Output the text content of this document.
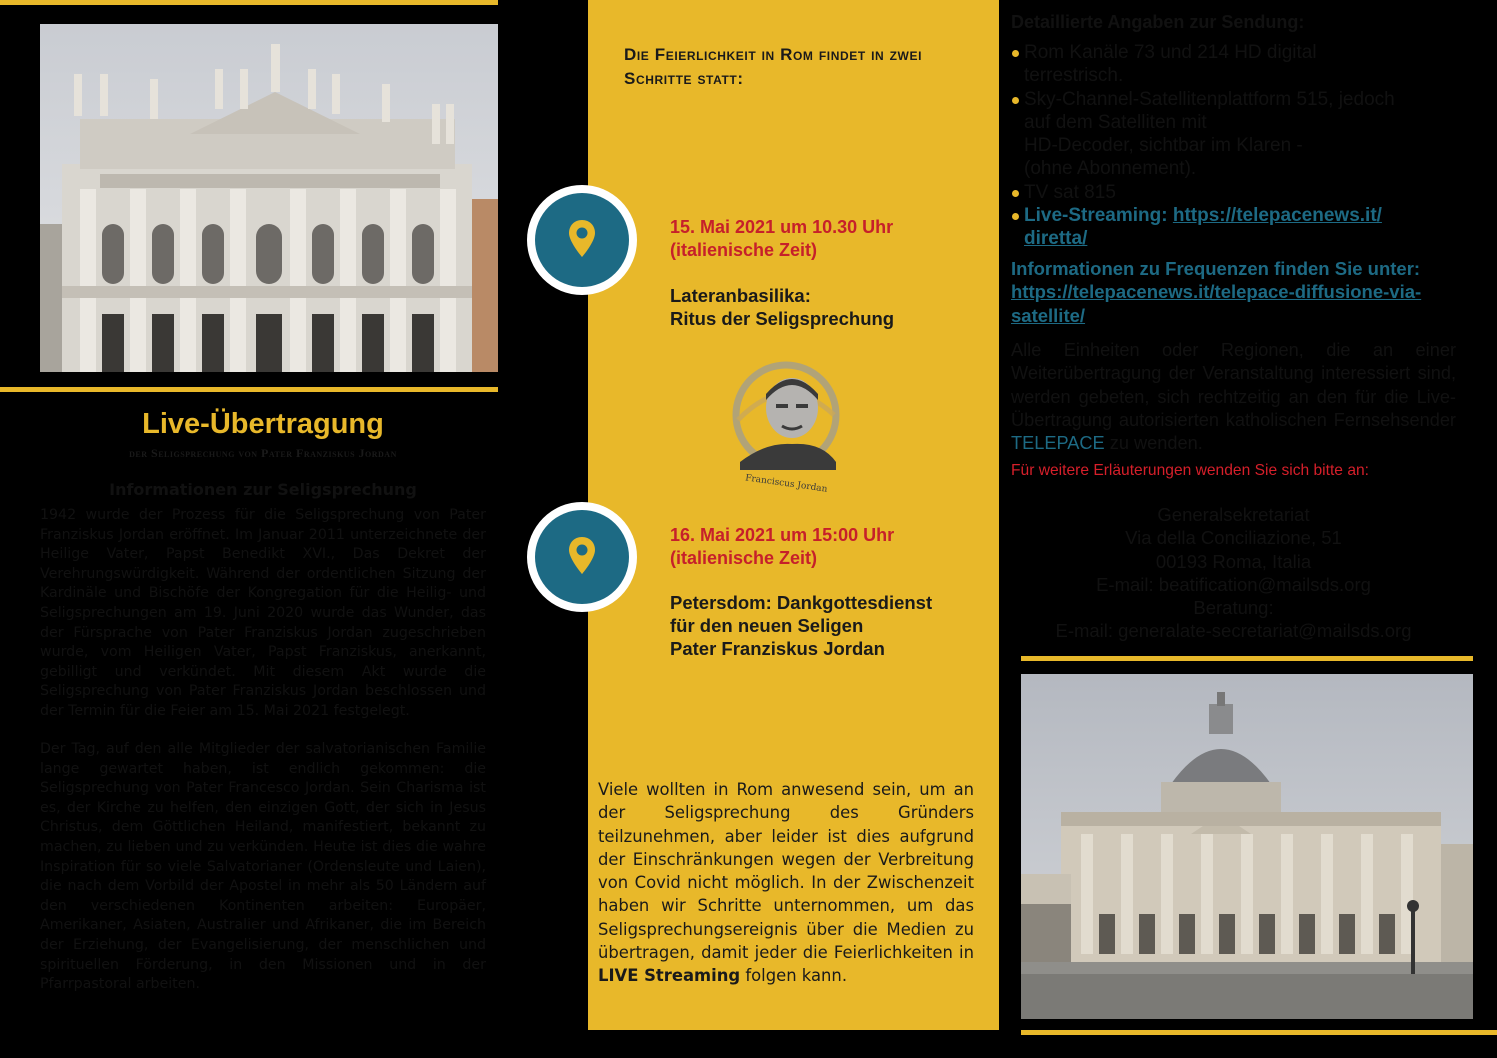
Live-Übertragung
der Seligsprechung von Pater Franziskus Jordan
Informationen zur Seligsprechung

1942 wurde der Prozess für die Seligsprechung von Pater Franziskus Jordan eröffnet. Im Januar 2011 unterzeichnete der Heilige Vater, Papst Benedikt XVI., Das Dekret der Verehrungswürdigkeit. Während der ordentlichen Sitzung der Kardinäle und Bischöfe der Kongregation für die Heilig- und Seligsprechungen am 19. Juni 2020 wurde das Wunder, das der Fürsprache von Pater Franziskus Jordan zugeschrieben wurde, vom Heiligen Vater, Papst Franziskus, anerkannt, gebilligt und verkündet. Mit diesem Akt wurde die Seligsprechung von Pater Franziskus Jordan beschlossen und der Termin für die Feier am 15. Mai 2021 festgelegt.

Der Tag, auf den alle Mitglieder der salvatorianischen Familie lange gewartet haben, ist endlich gekommen: die Seligsprechung von Pater Francesco Jordan. Sein Charisma ist es, der Kirche zu helfen, den einzigen Gott, der sich in Jesus Christus, dem Göttlichen Heiland, manifestiert, bekannt zu machen, zu lieben und zu verkünden. Heute ist dies die wahre Inspiration für so viele Salvatorianer (Ordensleute und Laien), die nach dem Vorbild der Apostel in mehr als 50 Ländern auf den verschiedenen Kontinenten arbeiten: Europäer, Amerikaner, Asiaten, Australier und Afrikaner, die im Bereich der Erziehung, der Evangelisierung, der menschlichen und spirituellen Förderung, in den Missionen und in der Pfarrpastoral arbeiten.

Die Feierlichkeit in Rom findet in zwei Schritte statt:
15. Mai 2021 um 10.30 Uhr
(italienische Zeit)
Lateranbasilika:
Ritus der Seligsprechung
Franciscus Jordan
16. Mai 2021 um 15:00 Uhr
(italienische Zeit)
Petersdom: Dankgottesdienst
für den neuen Seligen
Pater Franziskus Jordan

Viele wollten in Rom anwesend sein, um an der Seligsprechung des Gründers teilzunehmen, aber leider ist dies aufgrund der Einschränkungen wegen der Verbreitung von Covid nicht möglich. In der Zwischenzeit haben wir Schritte unternommen, um das Seligsprechungsereignis über die Medien zu übertragen, damit jeder die Feierlichkeiten in LIVE Streaming folgen kann.

Detaillierte Angaben zur Sendung:
Rom Kanäle 73 und 214 HD digital
terrestrisch.
Sky-Channel-Satellitenplattform 515, jedoch
auf dem Satelliten mit
HD-Decoder, sichtbar im Klaren -
(ohne Abonnement).
TV sat 815
Live-Streaming: https://telepacenews.it/
diretta/
Informationen zu Frequenzen finden Sie unter: https://telepacenews.it/telepace-diffusione-via-satellite/

Alle Einheiten oder Regionen, die an einer Weiterübertragung der Veranstaltung interessiert sind, werden gebeten, sich rechtzeitig an den für die Live-Übertragung autorisierten katholischen Fernsehsender TELEPACE zu wenden.

Für weitere Erläuterungen wenden Sie sich bitte an:
Generalsekretariat
Via della Conciliazione, 51
00193 Roma, Italia
E-mail: beatification@mailsds.org
Beratung:
E-mail: generalate-secretariat@mailsds.org
